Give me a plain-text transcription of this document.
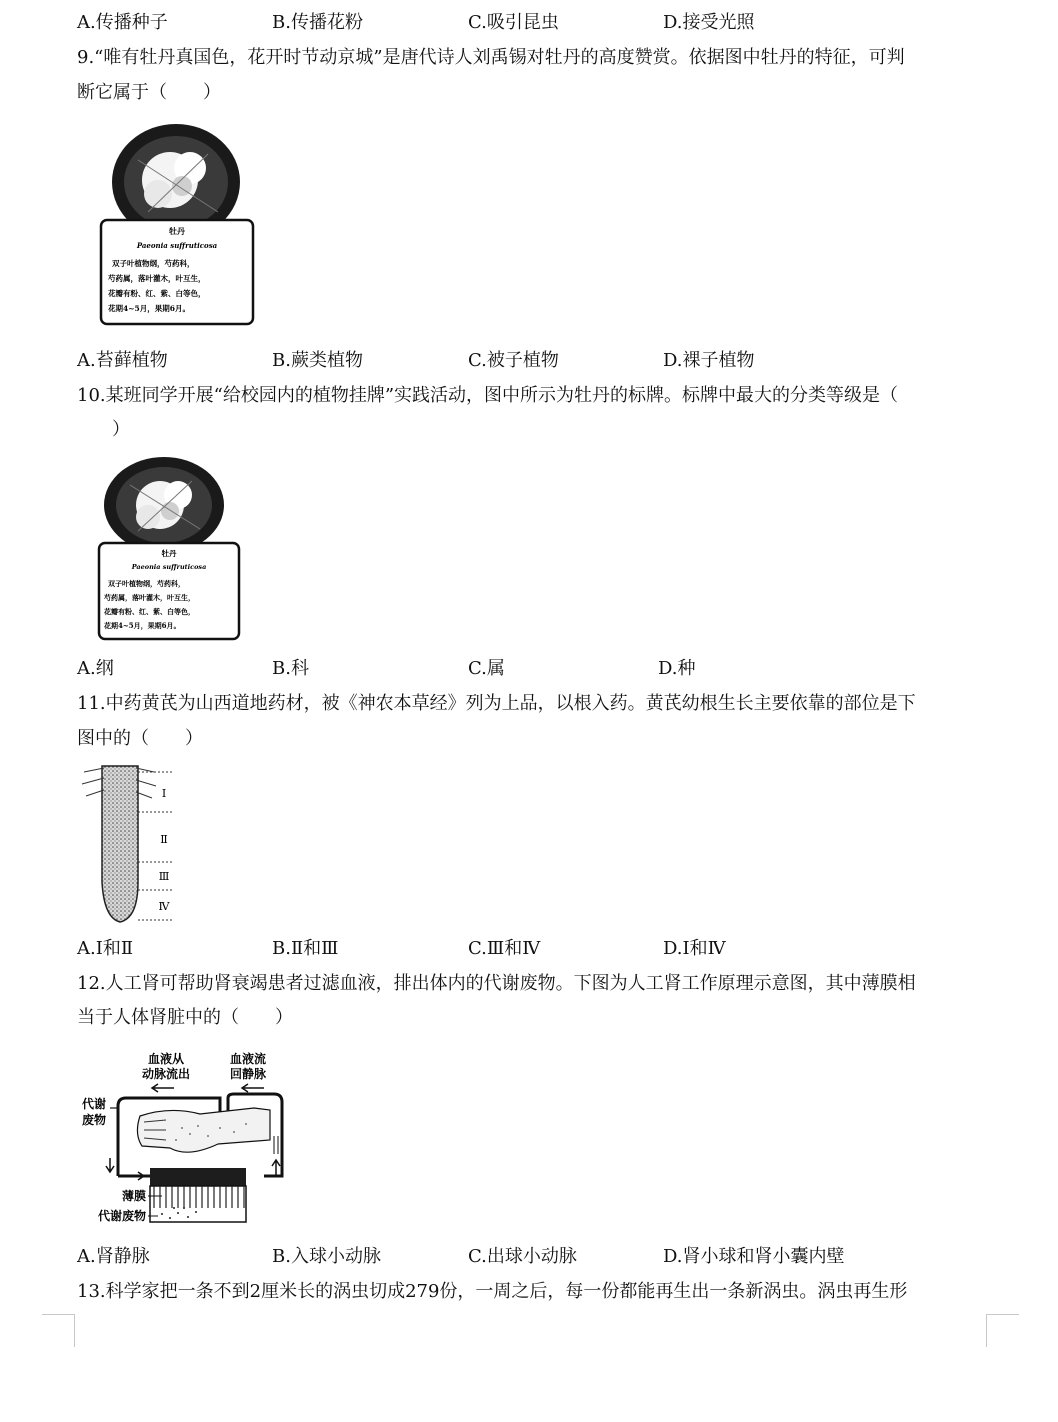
A.传播种子	B.传播花粉	C.吸引昆虫	D.接受光照
9.“唯有牡丹真国色，花开时节动京城”是唐代诗人刘禹锡对牡丹的高度赞赏。依据图中牡丹的特征，可判
断它属于（　　）
牡丹
Paeonia suffruticosa
双子叶植物纲，芍药科，
芍药属，落叶灌木，叶互生，
花瓣有粉、红、紫、白等色，
花期4~5月，果期6月。
A.苔藓植物	B.蕨类植物	C.被子植物	D.裸子植物
10.某班同学开展“给校园内的植物挂牌”实践活动，图中所示为牡丹的标牌。标牌中最大的分类等级是（
）
牡丹
Paeonia suffruticosa
双子叶植物纲，芍药科，
芍药属，落叶灌木，叶互生，
花瓣有粉、红、紫、白等色，
花期4~5月，果期6月。
A.纲	B.科	C.属	D.种
11.中药黄芪为山西道地药材，被《神农本草经》列为上品，以根入药。黄芪幼根生长主要依靠的部位是下
图中的（　　）
Ⅰ
Ⅱ
Ⅲ
Ⅳ
A.Ⅰ和Ⅱ	B.Ⅱ和Ⅲ	C.Ⅲ和Ⅳ	D.Ⅰ和Ⅳ
12.人工肾可帮助肾衰竭患者过滤血液，排出体内的代谢废物。下图为人工肾工作原理示意图，其中薄膜相
当于人体肾脏中的（　　）
血液从
动脉流出
血液流
回静脉
代谢
废物
薄膜
代谢废物
A.肾静脉	B.入球小动脉	C.出球小动脉	D.肾小球和肾小囊内壁
13.科学家把一条不到2厘米长的涡虫切成279份，一周之后，每一份都能再生出一条新涡虫。涡虫再生形
